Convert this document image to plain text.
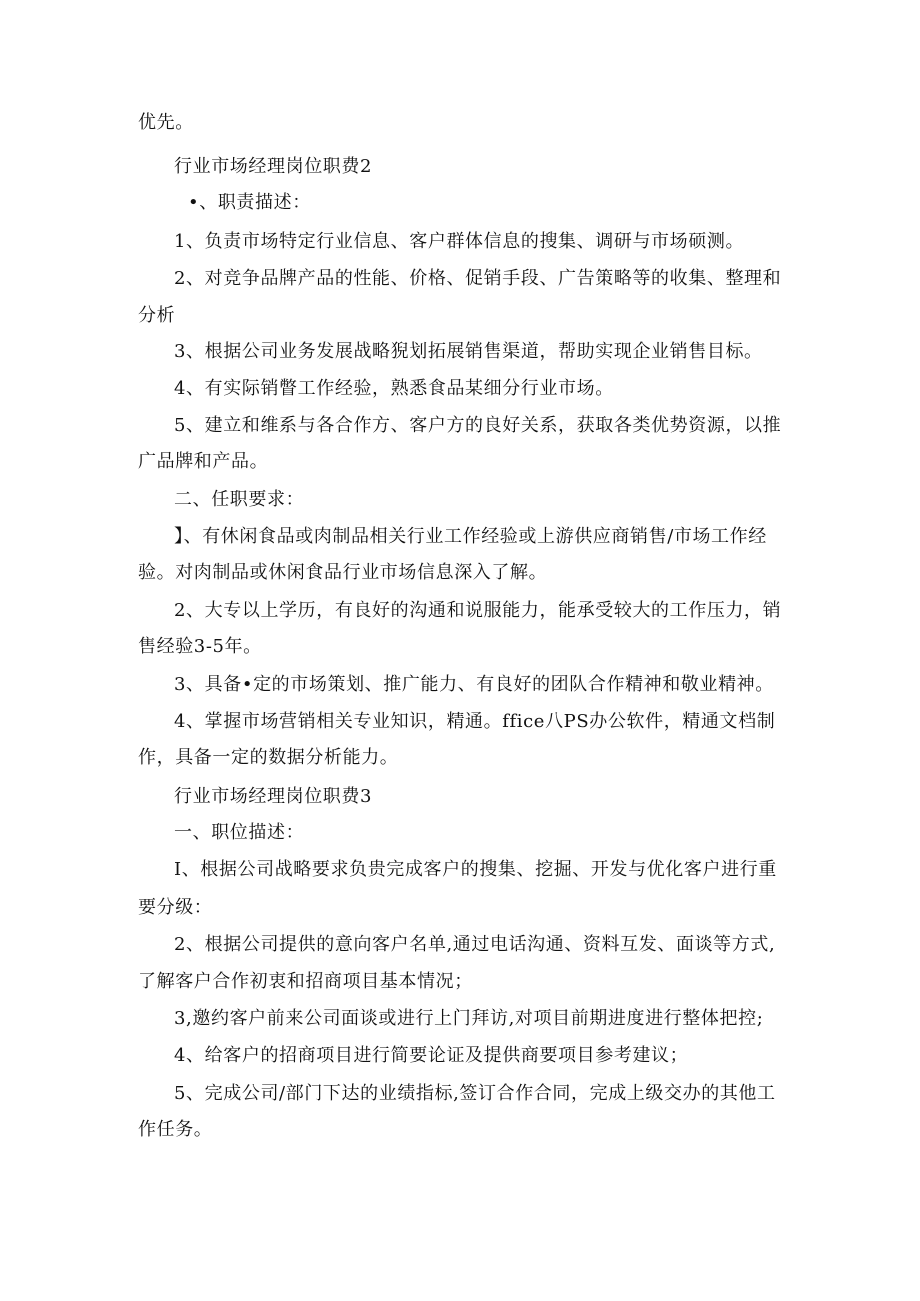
优先。
行业市场经理岗位职费2
•、职责描述：
1、负责市场特定行业信息、客户群体信息的搜集、调研与市场硕测。
2、对竞争品牌产品的性能、价格、促销手段、广告策略等的收集、整理和
分析
3、根据公司业务发展战略猊划拓展销售渠道，帮助实现企业销售目标。
4、有实际销瞥工作经验，熟悉食品某细分行业市场。
5、建立和维系与各合作方、客户方的良好关系，获取各类优势资源，以推
广品牌和产品。
二、任职要求：
】、有休闲食品或肉制品相关行业工作经验或上游供应商销售/市场工作经
验。对肉制品或休闲食品行业市场信息深入了解。
2、大专以上学历，有良好的沟通和说服能力，能承受较大的工作压力，销
售经验3-5年。
3、具备•定的市场策划、推广能力、有良好的团队合作精神和敬业精神。
4、掌握市场营销相关专业知识，精通。ffice八PS办公软件，精通文档制
作，具备一定的数据分析能力。
行业市场经理岗位职费3
一、职位描述：
I、根据公司战略要求负贵完成客户的搜集、挖掘、开发与优化客户进行重
要分级：
2、根据公司提供的意向客户名单,通过电话沟通、资料互发、面谈等方式,
了解客户合作初衷和招商项目基本情况；
3,邀约客户前来公司面谈或进行上门拜访,对项目前期进度进行整体把控;
4、给客户的招商项目进行简要论证及提供商要项目参考建议；
5、完成公司/部门下达的业绩指标,签订合作合同，完成上级交办的其他工
作任务。
